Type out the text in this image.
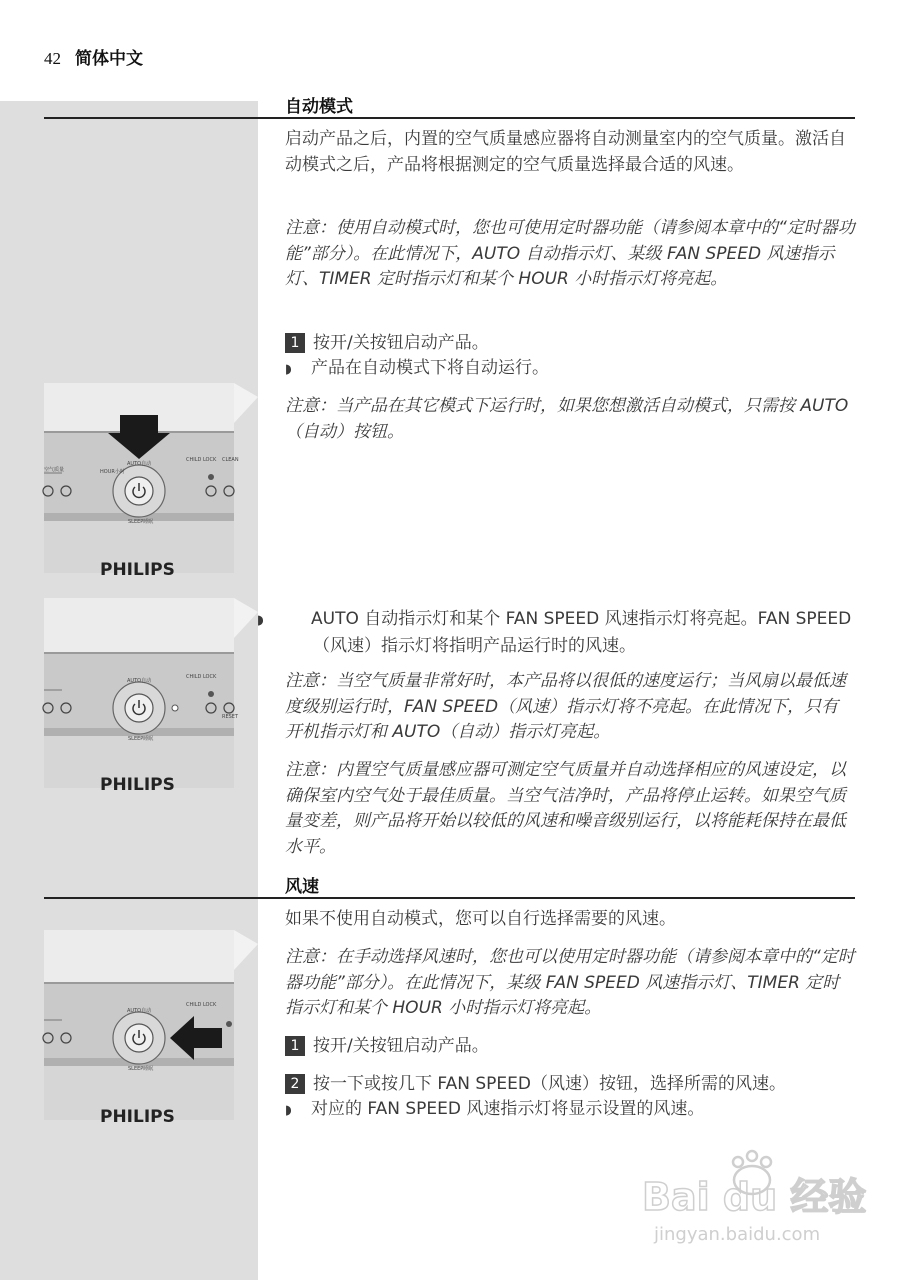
42 简体中文
自动模式

启动产品之后，内置的空气质量感应器将自动测量室内的空气质量。激活自动模式之后，产品将根据测定的空气质量选择最合适的风速。

注意：使用自动模式时，您也可使用定时器功能（请参阅本章中的“定时器功能”部分）。在此情况下，AUTO 自动指示灯、某级 FAN SPEED 风速指示灯、TIMER 定时指示灯和某个 HOUR 小时指示灯将亮起。

1 按开/关按钮启动产品。

◗ 产品在自动模式下将自动运行。

注意：当产品在其它模式下运行时，如果您想激活自动模式，只需按 AUTO（自动）按钮。

◗	AUTO 自动指示灯和某个 FAN SPEED 风速指示灯将亮起。FAN SPEED（风速）指示灯将指明产品运行时的风速。

注意：当空气质量非常好时，本产品将以很低的速度运行；当风扇以最低速度级别运行时，FAN SPEED（风速）指示灯将不亮起。在此情况下，只有开机指示灯和 AUTO（自动）指示灯亮起。

注意：内置空气质量感应器可测定空气质量并自动选择相应的风速设定，以确保室内空气处于最佳质量。当空气洁净时，产品将停止运转。如果空气质量变差，则产品将开始以较低的风速和噪音级别运行，以将能耗保持在最低水平。

风速

如果不使用自动模式，您可以自行选择需要的风速。

注意：在手动选择风速时，您也可以使用定时器功能（请参阅本章中的“定时器功能”部分）。在此情况下，某级 FAN SPEED 风速指示灯、TIMER 定时指示灯和某个 HOUR 小时指示灯将亮起。

1 按开/关按钮启动产品。

2 按一下或按几下 FAN SPEED（风速）按钮，选择所需的风速。

◗ 对应的 FAN SPEED 风速指示灯将显示设置的风速。

HOUR小时
AUTO自动
SLEEP睡眠
CHILD LOCK CLEAN
空气质量
PHILIPS
AUTO自动
SLEEP睡眠
CHILD LOCK
RESET
PHILIPS
AUTO自动
SLEEP睡眠
CHILD LOCK
PHILIPS
Bai du 经验
jingyan.baidu.com
